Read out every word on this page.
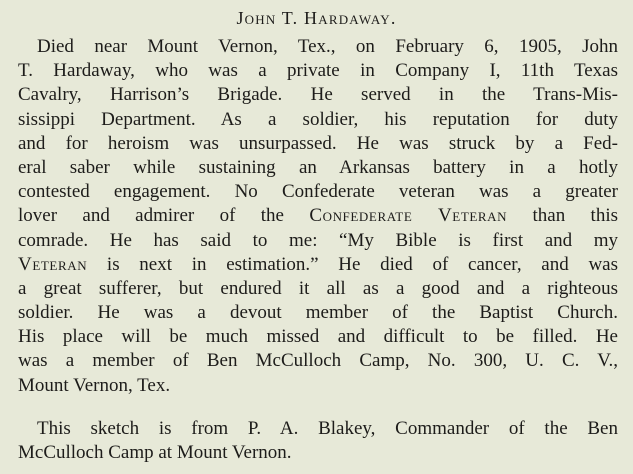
John T. Hardaway.
Died near Mount Vernon, Tex., on February 6, 1905, John
T. Hardaway, who was a private in Company I, 11th Texas
Cavalry, Harrison’s Brigade. He served in the Trans-Mis-
sissippi Department. As a soldier, his reputation for duty
and for heroism was unsurpassed. He was struck by a Fed-
eral saber while sustaining an Arkansas battery in a hotly
contested engagement. No Confederate veteran was a greater
lover and admirer of the Confederate Veteran than this
comrade. He has said to me: “My Bible is first and my
Veteran is next in estimation.” He died of cancer, and was
a great sufferer, but endured it all as a good and a righteous
soldier. He was a devout member of the Baptist Church.
His place will be much missed and difficult to be filled. He
was a member of Ben McCulloch Camp, No. 300, U. C. V.,
Mount Vernon, Tex.
This sketch is from P. A. Blakey, Commander of the Ben
McCulloch Camp at Mount Vernon.
